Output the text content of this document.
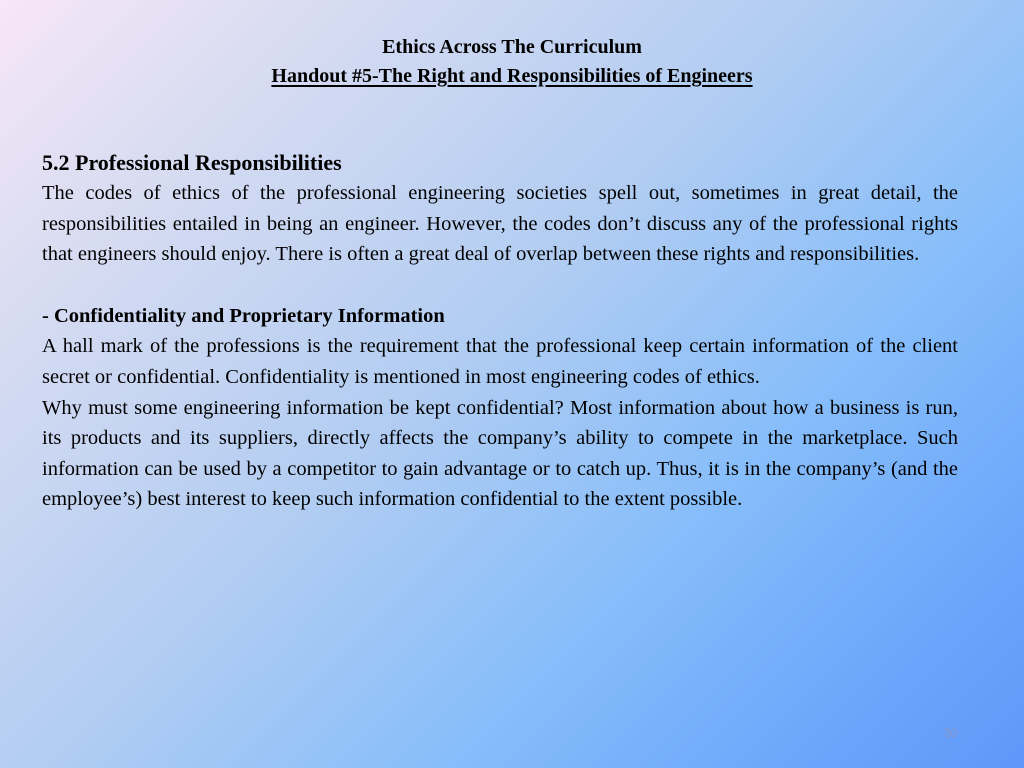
Ethics Across The Curriculum
Handout #5-The Right and Responsibilities of Engineers
5.2 Professional Responsibilities

The codes of ethics of the professional engineering societies spell out, sometimes in great detail, the responsibilities entailed in being an engineer. However, the codes don’t discuss any of the professional rights that engineers should enjoy. There is often a great deal of overlap between these rights and responsibilities.

- Confidentiality and Proprietary Information

A hall mark of the professions is the requirement that the professional keep certain information of the client secret or confidential. Confidentiality is mentioned in most engineering codes of ethics.

Why must some engineering information be kept confidential? Most information about how a business is run, its products and its suppliers, directly affects the company’s ability to compete in the marketplace. Such information can be used by a competitor to gain advantage or to catch up. Thus, it is in the company’s (and the employee’s) best interest to keep such information confidential to the extent possible.

30
